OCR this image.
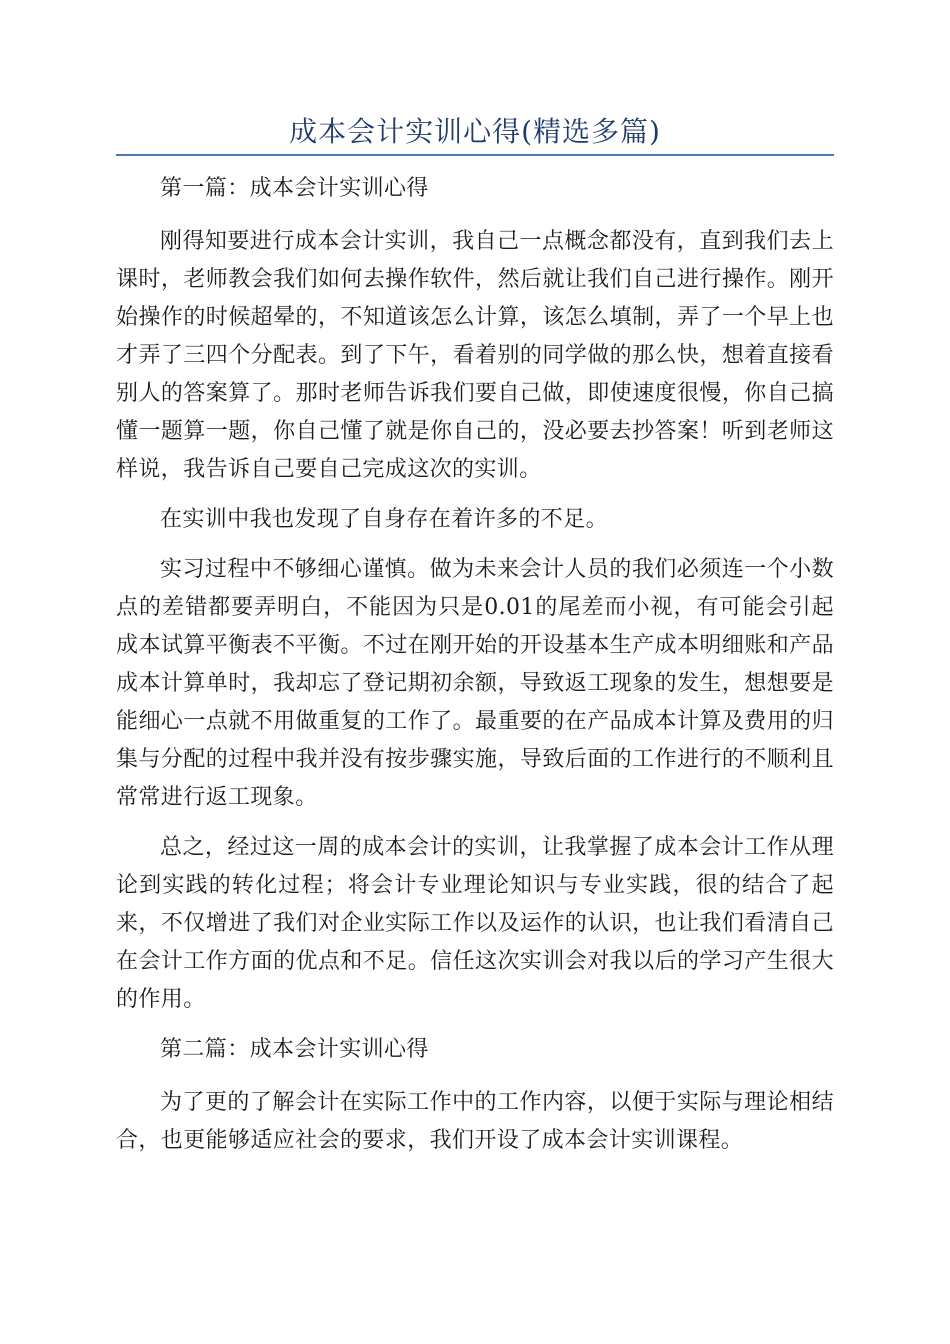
成本会计实训心得(精选多篇)

第一篇：成本会计实训心得

刚得知要进行成本会计实训，我自己一点概念都没有，直到我们去上课时，老师教会我们如何去操作软件，然后就让我们自己进行操作。刚开始操作的时候超晕的，不知道该怎么计算，该怎么填制，弄了一个早上也才弄了三四个分配表。到了下午，看着别的同学做的那么快，想着直接看别人的答案算了。那时老师告诉我们要自己做，即使速度很慢，你自己搞懂一题算一题，你自己懂了就是你自己的，没必要去抄答案！听到老师这样说，我告诉自己要自己完成这次的实训。

在实训中我也发现了自身存在着许多的不足。

实习过程中不够细心谨慎。做为未来会计人员的我们必须连一个小数点的差错都要弄明白，不能因为只是0.01的尾差而小视，有可能会引起成本试算平衡表不平衡。不过在刚开始的开设基本生产成本明细账和产品成本计算单时，我却忘了登记期初余额，导致返工现象的发生，想想要是能细心一点就不用做重复的工作了。最重要的在产品成本计算及费用的归集与分配的过程中我并没有按步骤实施，导致后面的工作进行的不顺利且常常进行返工现象。

总之，经过这一周的成本会计的实训，让我掌握了成本会计工作从理论到实践的转化过程；将会计专业理论知识与专业实践，很的结合了起来，不仅增进了我们对企业实际工作以及运作的认识，也让我们看清自己在会计工作方面的优点和不足。信任这次实训会对我以后的学习产生很大的作用。

第二篇：成本会计实训心得

为了更的了解会计在实际工作中的工作内容，以便于实际与理论相结合，也更能够适应社会的要求，我们开设了成本会计实训课程。
